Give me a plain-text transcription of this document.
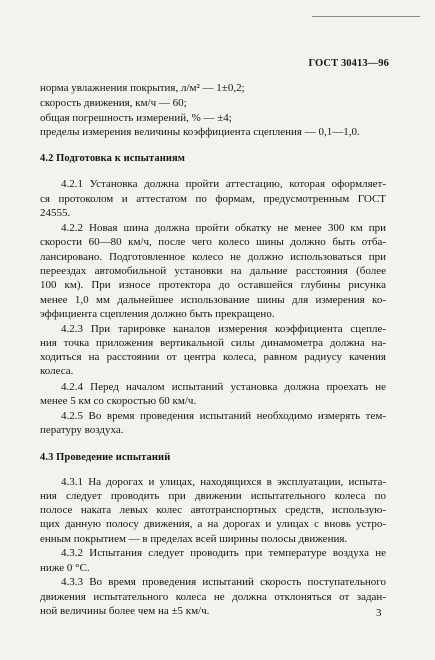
ГОСТ 30413—96
норма увлажнения покрытия, л/м² — 1±0,2;
скорость движения, км/ч — 60;
общая погрешность измерений, % — ±4;
пределы измерения величины коэффициента сцепления — 0,1—1,0.
4.2 Подготовка к испытаниям
4.2.1 Установка должна пройти аттестацию, которая оформляет-
ся протоколом и аттестатом по формам, предусмотренным ГОСТ
24555.
4.2.2 Новая шина должна пройти обкатку не менее 300 км при
скорости 60—80 км/ч, после чего колесо шины должно быть отба-
лансировано. Подготовленное колесо не должно использоваться при
переездах автомобильной установки на дальние расстояния (более
100 км). При износе протектора до оставшейся глубины рисунка
менее 1,0 мм дальнейшее использование шины для измерения ко-
эффициента сцепления должно быть прекращено.
4.2.3 При тарировке каналов измерения коэффициента сцепле-
ния точка приложения вертикальной силы динамометра должна на-
ходиться на расстоянии от центра колеса, равном радиусу качения
колеса.
4.2.4 Перед началом испытаний установка должна проехать не
менее 5 км со скоростью 60 км/ч.
4.2.5 Во время проведения испытаний необходимо измерять тем-
пературу воздуха.
4.3 Проведение испытаний
4.3.1 На дорогах и улицах, находящихся в эксплуатации, испыта-
ния следует проводить при движении испытательного колеса по
полосе наката левых колес автотранспортных средств, использую-
щих данную полосу движения, а на дорогах и улицах с вновь устро-
енным покрытием — в пределах всей ширины полосы движения.
4.3.2 Испытания следует проводить при температуре воздуха не
ниже 0 °С.
4.3.3 Во время проведения испытаний скорость поступательного
движения испытательного колеса не должна отклоняться от задан-
ной величины более чем на ±5 км/ч.	3
